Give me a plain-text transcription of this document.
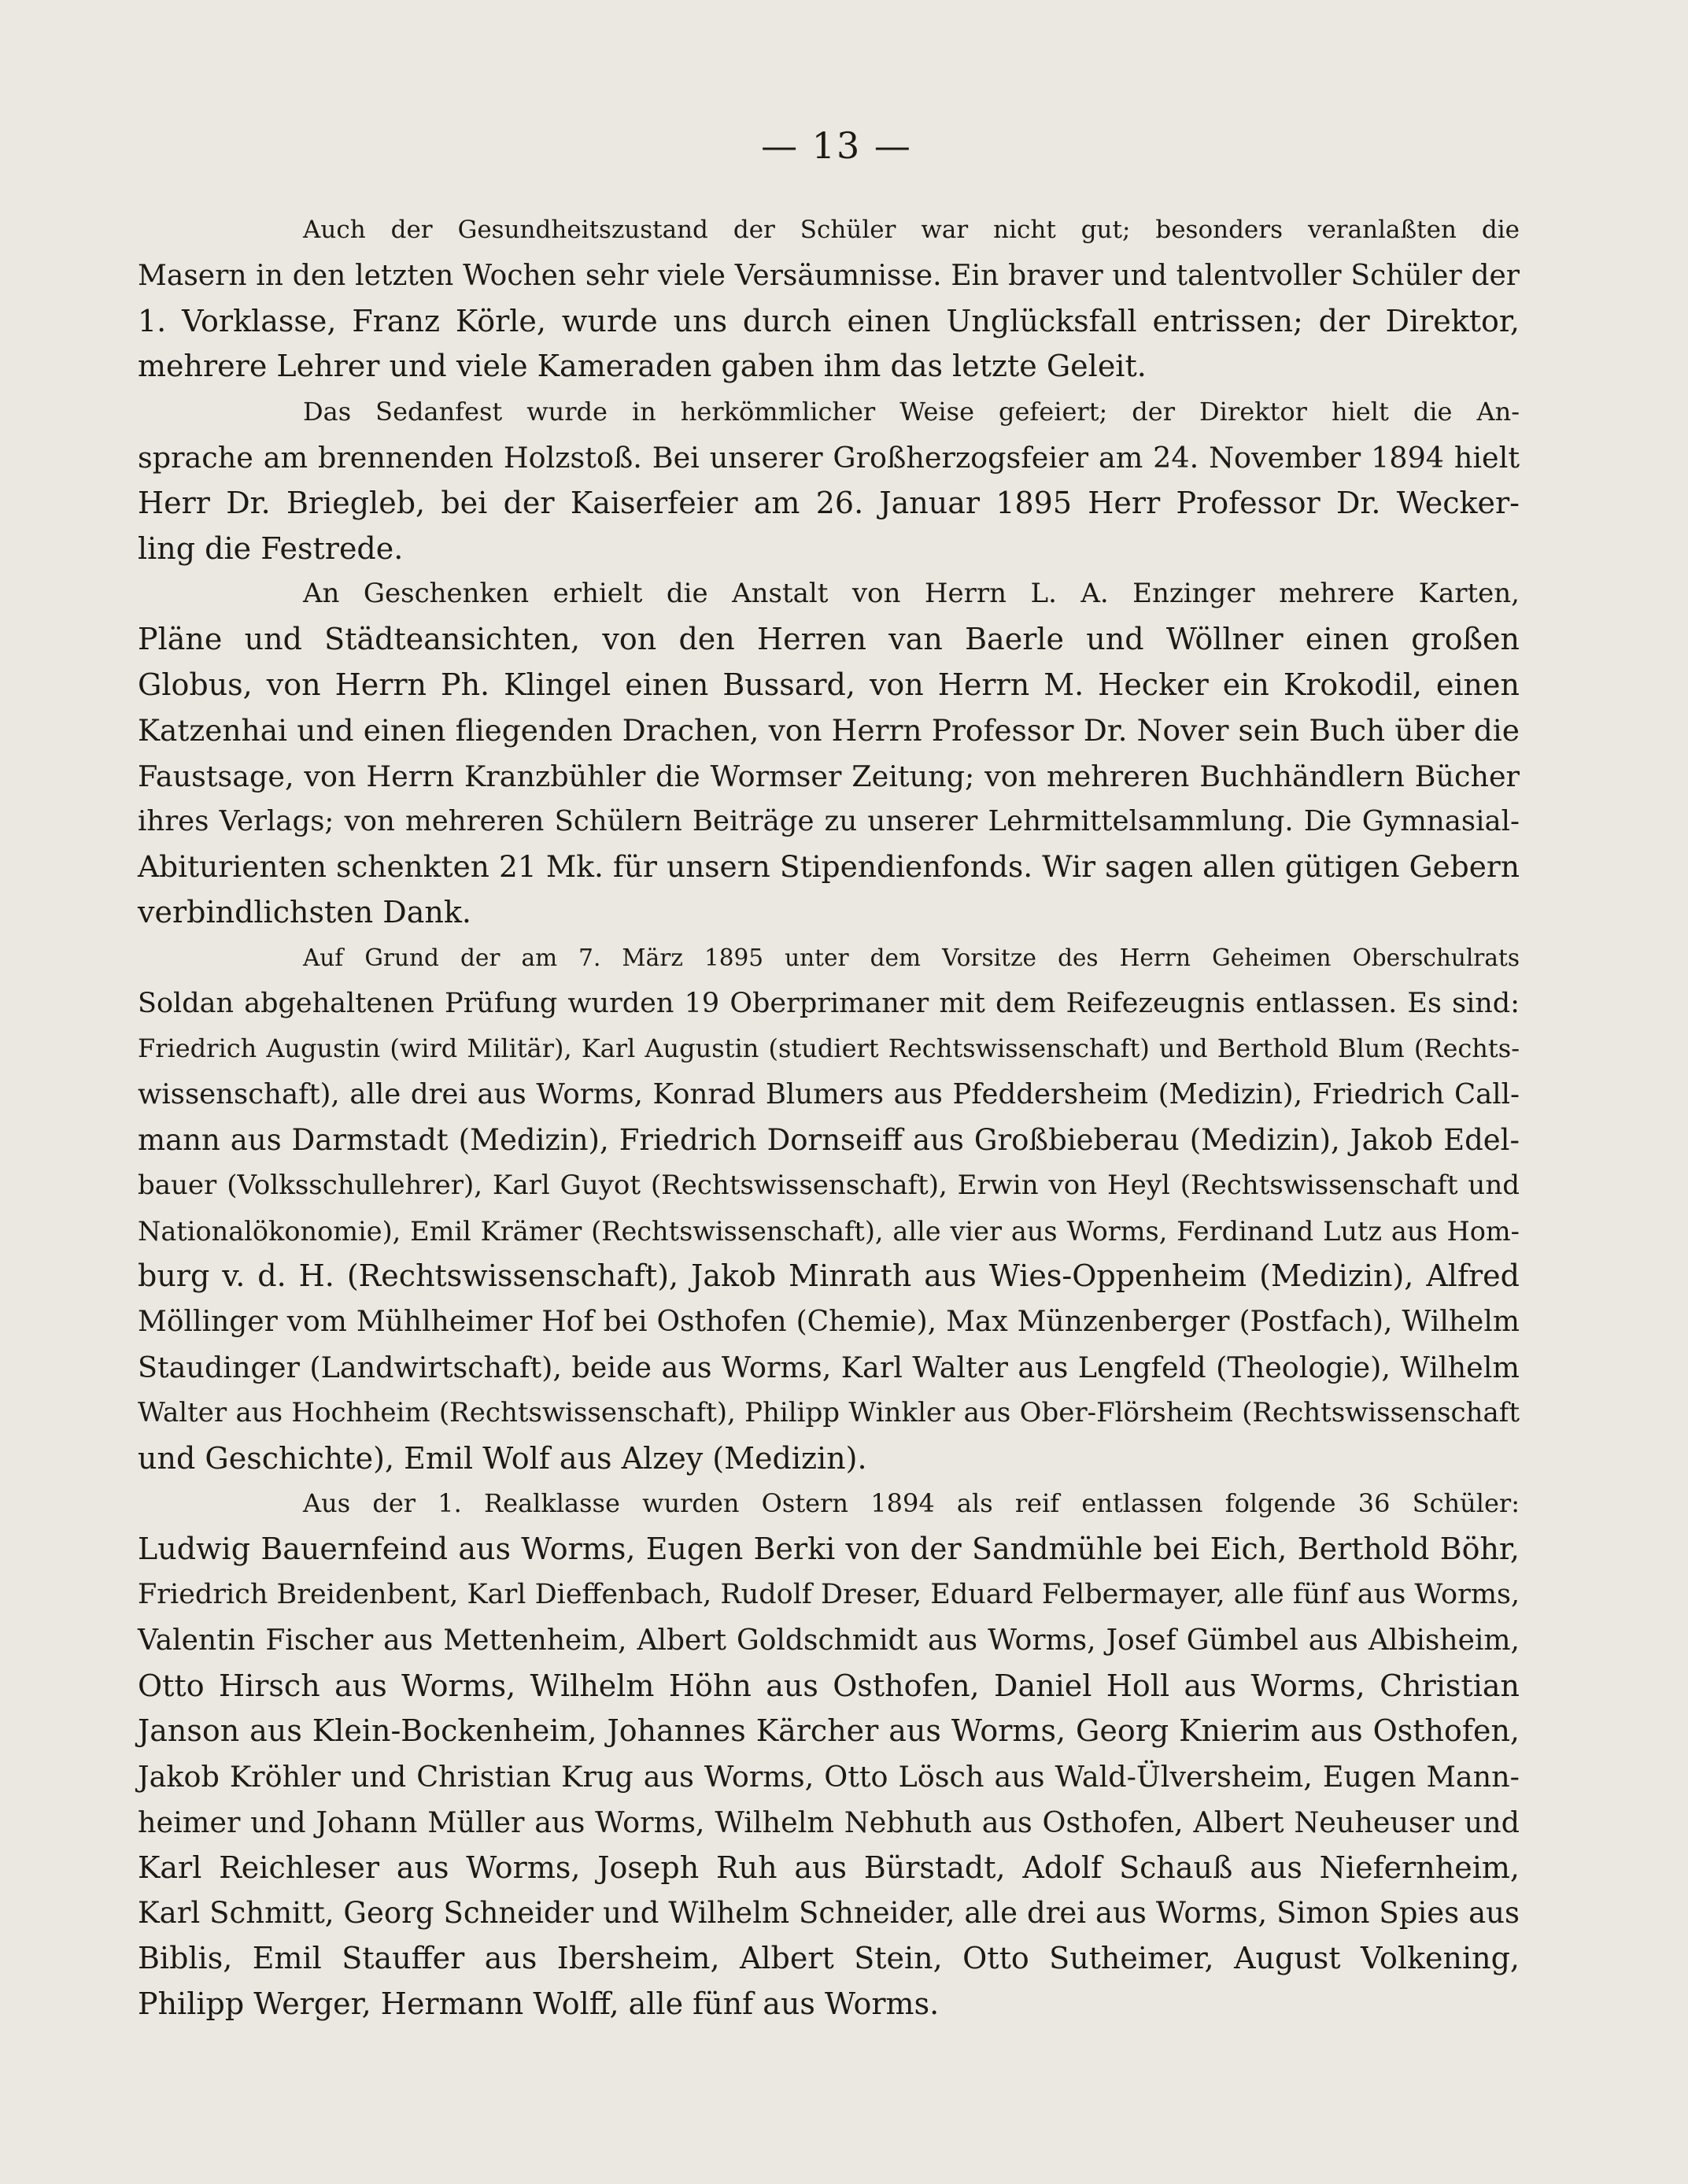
— 13 —
Auch der Gesundheitszustand der Schüler war nicht gut; besonders veranlaßten die
Masern in den letzten Wochen sehr viele Versäumnisse. Ein braver und talentvoller Schüler der
1. Vorklasse, Franz Körle, wurde uns durch einen Unglücksfall entrissen; der Direktor,
mehrere Lehrer und viele Kameraden gaben ihm das letzte Geleit.
Das Sedanfest wurde in herkömmlicher Weise gefeiert; der Direktor hielt die An-
sprache am brennenden Holzstoß. Bei unserer Großherzogsfeier am 24. November 1894 hielt
Herr Dr. Briegleb, bei der Kaiserfeier am 26. Januar 1895 Herr Professor Dr. Wecker-
ling die Festrede.
An Geschenken erhielt die Anstalt von Herrn L. A. Enzinger mehrere Karten,
Pläne und Städteansichten, von den Herren van Baerle und Wöllner einen großen
Globus, von Herrn Ph. Klingel einen Bussard, von Herrn M. Hecker ein Krokodil, einen
Katzenhai und einen fliegenden Drachen, von Herrn Professor Dr. Nover sein Buch über die
Faustsage, von Herrn Kranzbühler die Wormser Zeitung; von mehreren Buchhändlern Bücher
ihres Verlags; von mehreren Schülern Beiträge zu unserer Lehrmittelsammlung. Die Gymnasial-
Abiturienten schenkten 21 Mk. für unsern Stipendienfonds. Wir sagen allen gütigen Gebern
verbindlichsten Dank.
Auf Grund der am 7. März 1895 unter dem Vorsitze des Herrn Geheimen Oberschulrats
Soldan abgehaltenen Prüfung wurden 19 Oberprimaner mit dem Reifezeugnis entlassen. Es sind:
Friedrich Augustin (wird Militär), Karl Augustin (studiert Rechtswissenschaft) und Berthold Blum (Rechts-
wissenschaft), alle drei aus Worms, Konrad Blumers aus Pfeddersheim (Medizin), Friedrich Call-
mann aus Darmstadt (Medizin), Friedrich Dornseiff aus Großbieberau (Medizin), Jakob Edel-
bauer (Volksschullehrer), Karl Guyot (Rechtswissenschaft), Erwin von Heyl (Rechtswissenschaft und
Nationalökonomie), Emil Krämer (Rechtswissenschaft), alle vier aus Worms, Ferdinand Lutz aus Hom-
burg v. d. H. (Rechtswissenschaft), Jakob Minrath aus Wies-Oppenheim (Medizin), Alfred
Möllinger vom Mühlheimer Hof bei Osthofen (Chemie), Max Münzenberger (Postfach), Wilhelm
Staudinger (Landwirtschaft), beide aus Worms, Karl Walter aus Lengfeld (Theologie), Wilhelm
Walter aus Hochheim (Rechtswissenschaft), Philipp Winkler aus Ober-Flörsheim (Rechtswissenschaft
und Geschichte), Emil Wolf aus Alzey (Medizin).
Aus der 1. Realklasse wurden Ostern 1894 als reif entlassen folgende 36 Schüler:
Ludwig Bauernfeind aus Worms, Eugen Berki von der Sandmühle bei Eich, Berthold Böhr,
Friedrich Breidenbent, Karl Dieffenbach, Rudolf Dreser, Eduard Felbermayer, alle fünf aus Worms,
Valentin Fischer aus Mettenheim, Albert Goldschmidt aus Worms, Josef Gümbel aus Albisheim,
Otto Hirsch aus Worms, Wilhelm Höhn aus Osthofen, Daniel Holl aus Worms, Christian
Janson aus Klein-Bockenheim, Johannes Kärcher aus Worms, Georg Knierim aus Osthofen,
Jakob Kröhler und Christian Krug aus Worms, Otto Lösch aus Wald-Ülversheim, Eugen Mann-
heimer und Johann Müller aus Worms, Wilhelm Nebhuth aus Osthofen, Albert Neuheuser und
Karl Reichleser aus Worms, Joseph Ruh aus Bürstadt, Adolf Schauß aus Niefernheim,
Karl Schmitt, Georg Schneider und Wilhelm Schneider, alle drei aus Worms, Simon Spies aus
Biblis, Emil Stauffer aus Ibersheim, Albert Stein, Otto Sutheimer, August Volkening,
Philipp Werger, Hermann Wolff, alle fünf aus Worms.
